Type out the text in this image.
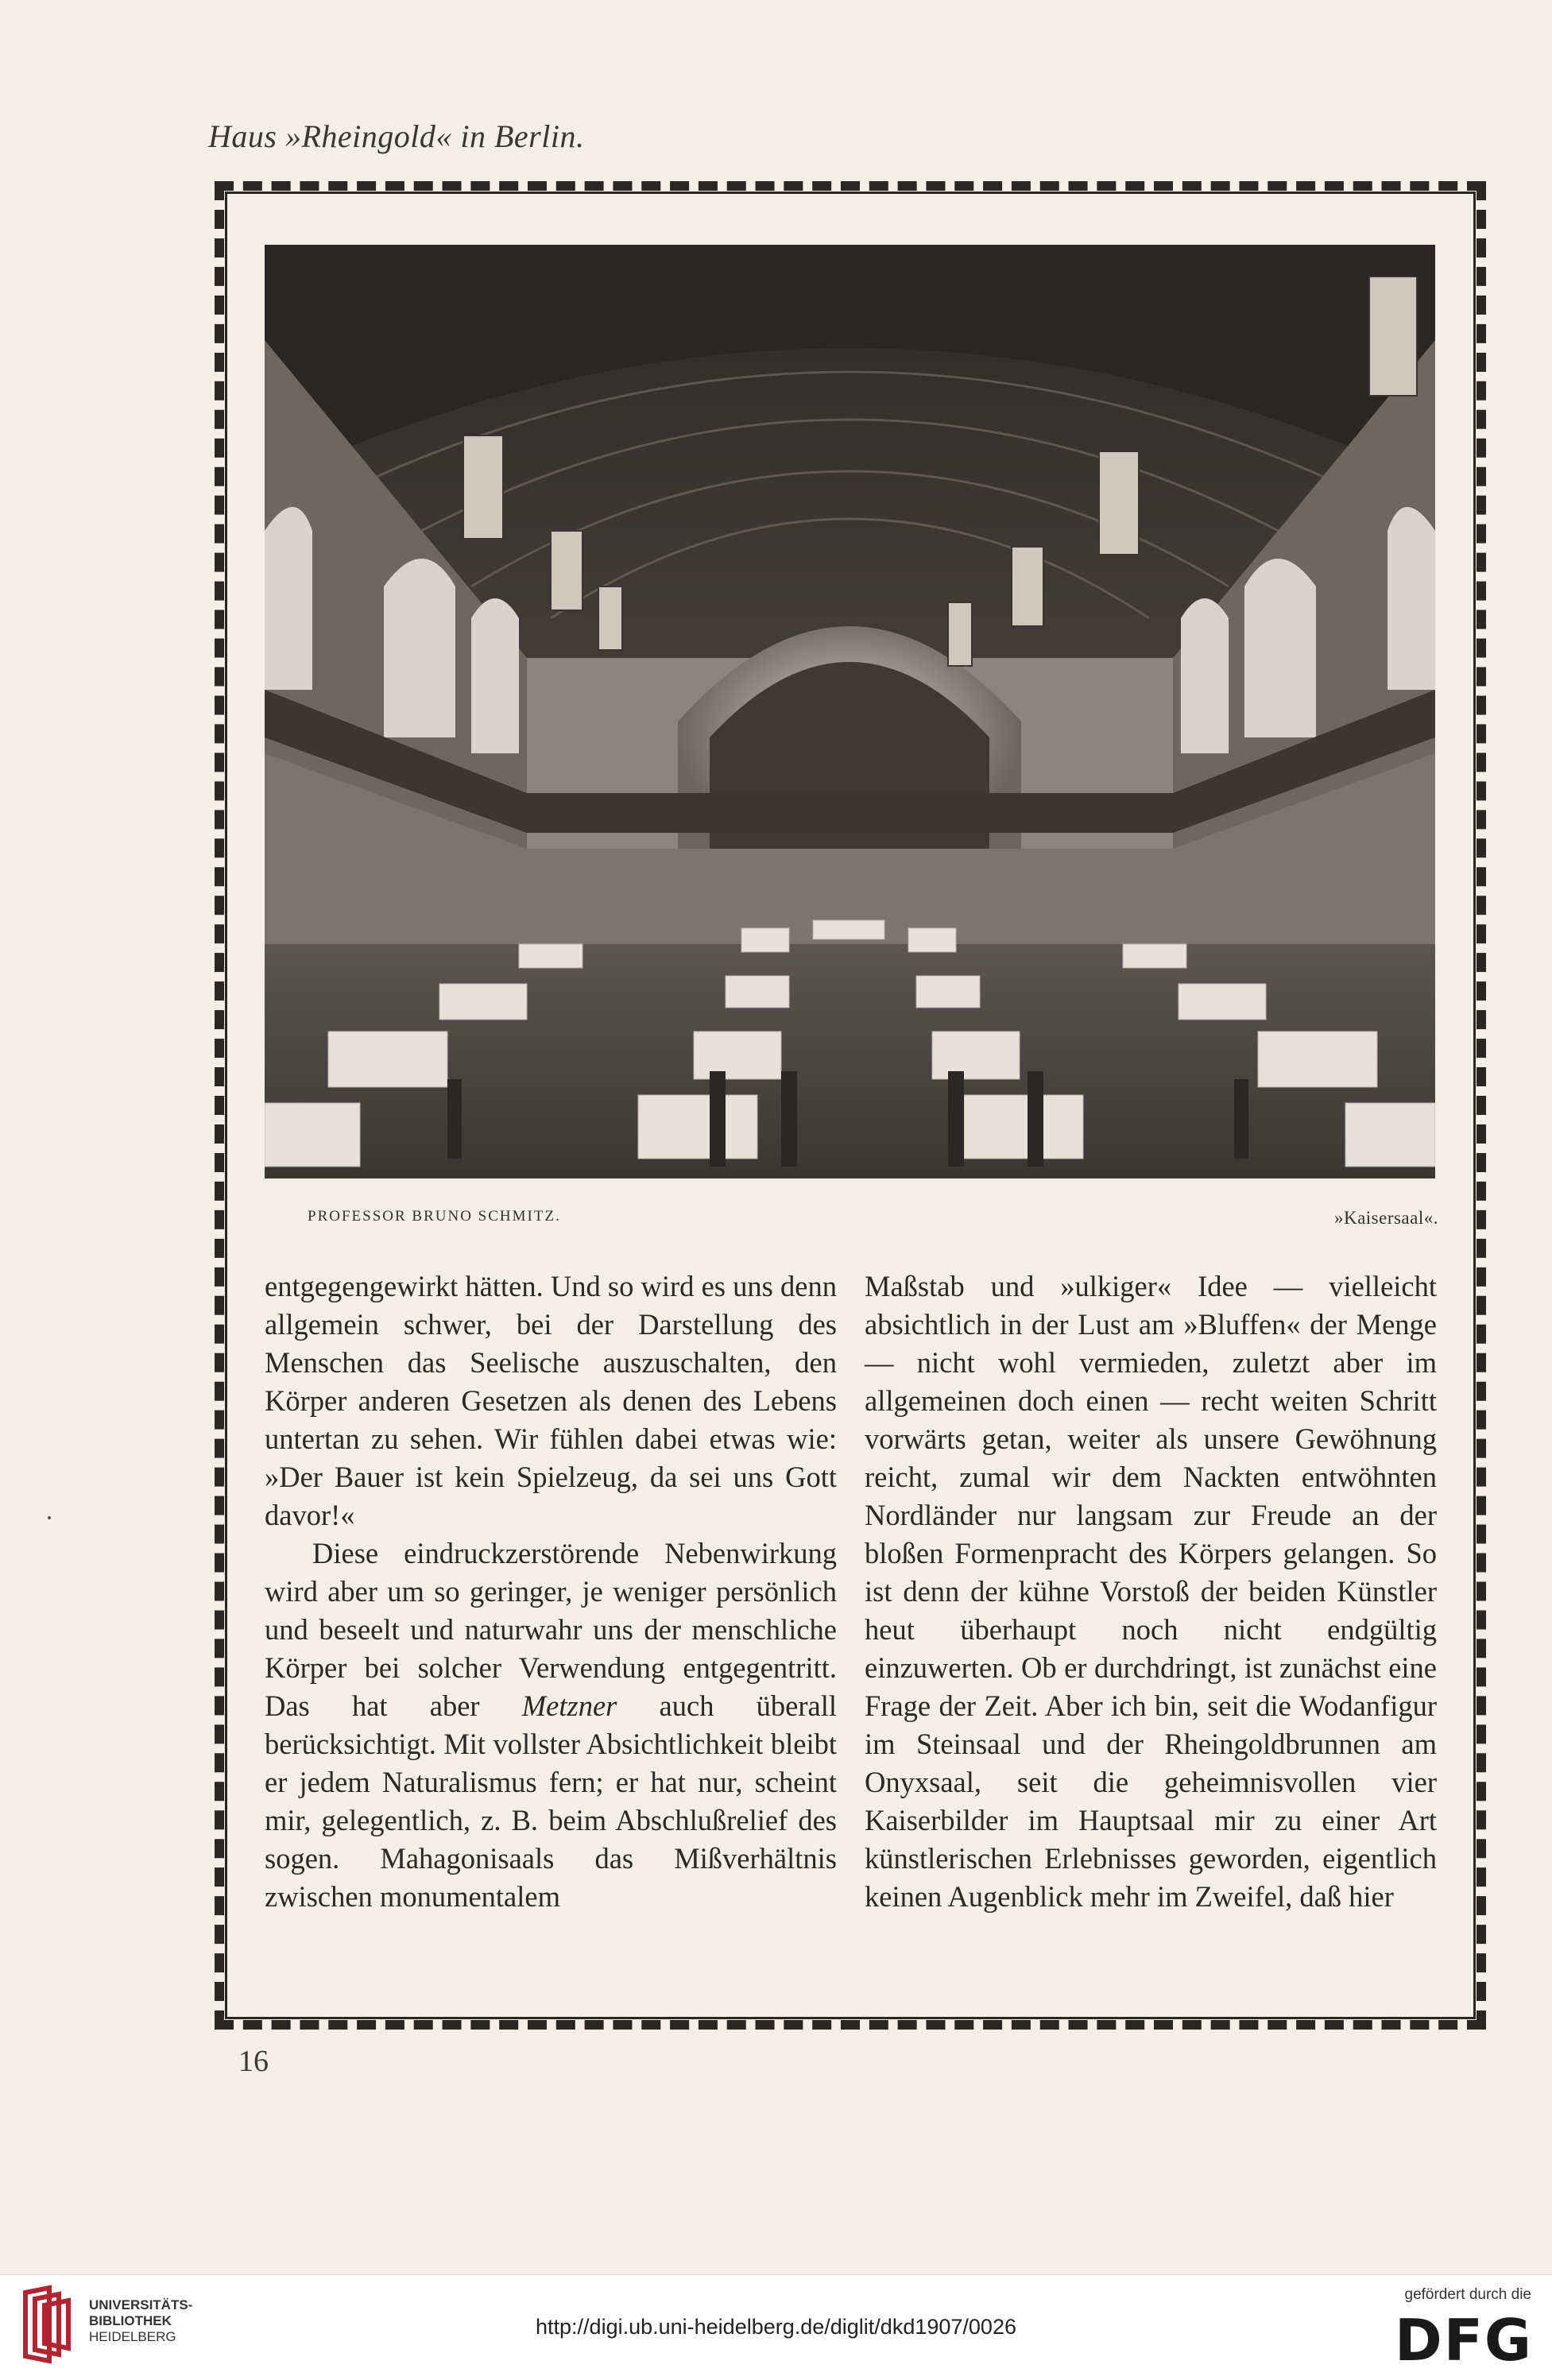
Haus »Rheingold« in Berlin.
MRG
PROFESSOR BRUNO SCHMITZ.	»Kaisersaal«.

entgegengewirkt hätten. Und so wird es uns denn allgemein schwer, bei der Darstellung des Menschen das Seelische auszuschalten, den Körper anderen Gesetzen als denen des Lebens untertan zu sehen. Wir fühlen dabei etwas wie: »Der Bauer ist kein Spielzeug, da sei uns Gott davor!«

Diese eindruckzerstörende Nebenwirkung wird aber um so geringer, je weniger persönlich und beseelt und naturwahr uns der menschliche Körper bei solcher Verwendung entgegentritt. Das hat aber Metzner auch überall berücksichtigt. Mit vollster Absichtlichkeit bleibt er jedem Naturalismus fern; er hat nur, scheint mir, gelegentlich, z. B. beim Abschlußrelief des sogen. Mahagonisaals das Mißverhältnis zwischen monumentalem

Maßstab und »ulkiger« Idee — vielleicht absichtlich in der Lust am »Bluffen« der Menge — nicht wohl vermieden, zuletzt aber im allgemeinen doch einen — recht weiten Schritt vorwärts getan, weiter als unsere Gewöhnung reicht, zumal wir dem Nackten entwöhnten Nordländer nur langsam zur Freude an der bloßen Formenpracht des Körpers gelangen. So ist denn der kühne Vorstoß der beiden Künstler heut überhaupt noch nicht endgültig einzuwerten. Ob er durchdringt, ist zunächst eine Frage der Zeit. Aber ich bin, seit die Wodanfigur im Steinsaal und der Rheingoldbrunnen am Onyxsaal, seit die geheimnisvollen vier Kaiserbilder im Hauptsaal mir zu einer Art künstlerischen Erlebnisses geworden, eigentlich keinen Augenblick mehr im Zweifel, daß hier

16
UNIVERSITÄTS-
BIBLIOTHEK
HEIDELBERG	http://digi.ub.uni-heidelberg.de/diglit/dkd1907/0026
gefördert durch die
DFG
